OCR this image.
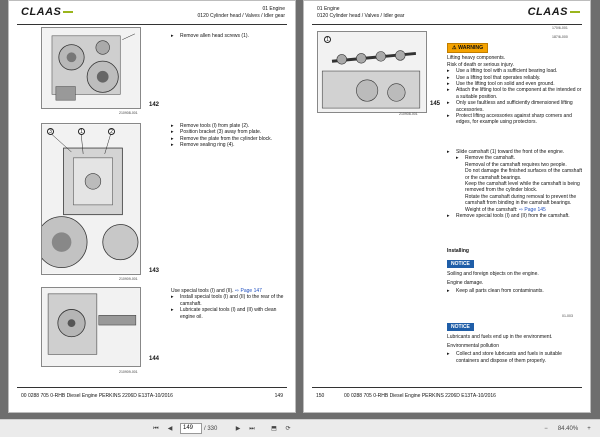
CLAAS	01 Engine
0120 Cylinder head / Valves / Idler gear
142
210908-001
▸	Remove allen head screws (1).
3	1	2
143
210909-001
▸	Remove tools (I) from plate (2).
▸	Position bracket (3) away from plate.
▸	Remove the plate from the cylinder block.
▸	Remove sealing ring (4).
144
210909-001
Use special tools (I) and (II). ⇨ Page 147
▸	Install special tools (I) and (II) to the rear of the camshaft.
▸	Lubricate special tools (I) and (II) with clean engine oil.
00 0288 705 0-RHB Diesel Engine PERKINS 2206D E13TA-10/2016	149
01 Engine
0120 Cylinder head / Valves / Idler gear	CLAAS
1
145
210908-001
170/6-001
187/6-000
⚠ WARNING
Lifting heavy components.
Risk of death or serious injury.
▸	Use a lifting tool with a sufficient bearing load.
▸	Use a lifting tool that operates reliably.
▸	Use the lifting tool on solid and even ground.
▸	Attach the lifting tool to the component at the intended or a suitable position.
▸	Only use faultless and sufficiently dimensioned lifting accessories.
▸	Protect lifting accessories against sharp corners and edges, for example using protectors.
▸	Slide camshaft (1) toward the front of the engine.
▸	Remove the camshaft.
Removal of the camshaft requires two people.
Do not damage the finished surfaces of the camshaft or the camshaft bearings.
Keep the camshaft level while the camshaft is being removed from the cylinder block.
Rotate the camshaft during removal to prevent the camshaft from binding in the camshaft bearings.
Weight of the camshaft: ⇨ Page 145
▸	Remove special tools (I) and (II) from the camshaft.
Installing
NOTICE
Soiling and foreign objects on the engine.
Engine damage.
▸	Keep all parts clean from contaminants.
01-003
NOTICE
Lubricants and fuels end up in the environment.
Environmental pollution
▸	Collect and store lubricants and fuels in suitable containers and dispose of them properly.
150	00 0288 705 0-RHB Diesel Engine PERKINS 2206D E13TA-10/2016
⏮	◀	149	/ 330	▶	⏭	⬒	⟳	−	84.40%	+
